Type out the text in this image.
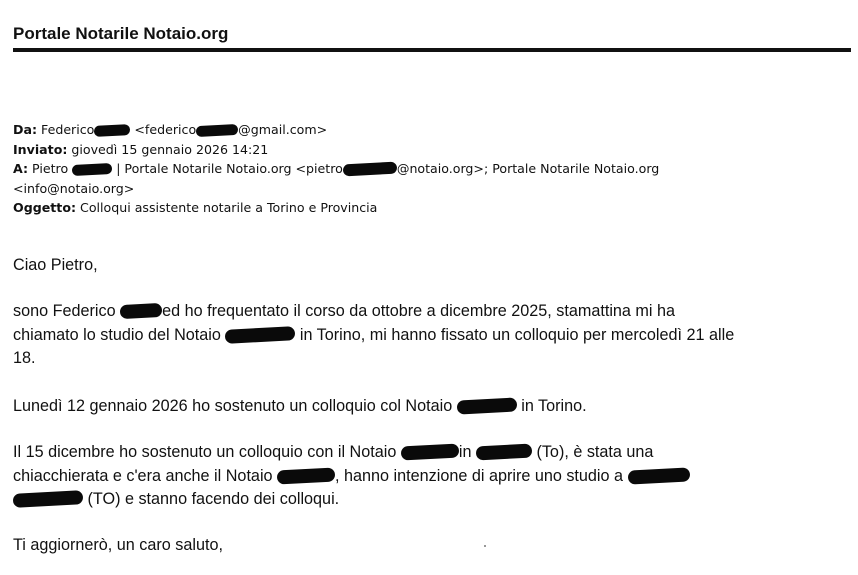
Portale Notarile Notaio.org
Da: Federico	<federico	@gmail.com>
Inviato: giovedì 15 gennaio 2026 14:21
A: Pietro	| Portale Notarile Notaio.org <pietro	@notaio.org>; Portale Notarile Notaio.org
<info@notaio.org>
Oggetto: Colloqui assistente notarile a Torino e Provincia
Ciao Pietro,
sono Federico	ed ho frequentato il corso da ottobre a dicembre 2025, stamattina mi ha
chiamato lo studio del Notaio	in Torino, mi hanno fissato un colloquio per mercoledì 21 alle
18.
Lunedì 12 gennaio 2026 ho sostenuto un colloquio col Notaio	in Torino.
Il 15 dicembre ho sostenuto un colloquio con il Notaio	in	(To), è stata una
chiacchierata e c'era anche il Notaio	, hanno intenzione di aprire uno studio a
(TO) e stanno facendo dei colloqui.
Ti aggiornerò, un caro saluto,
